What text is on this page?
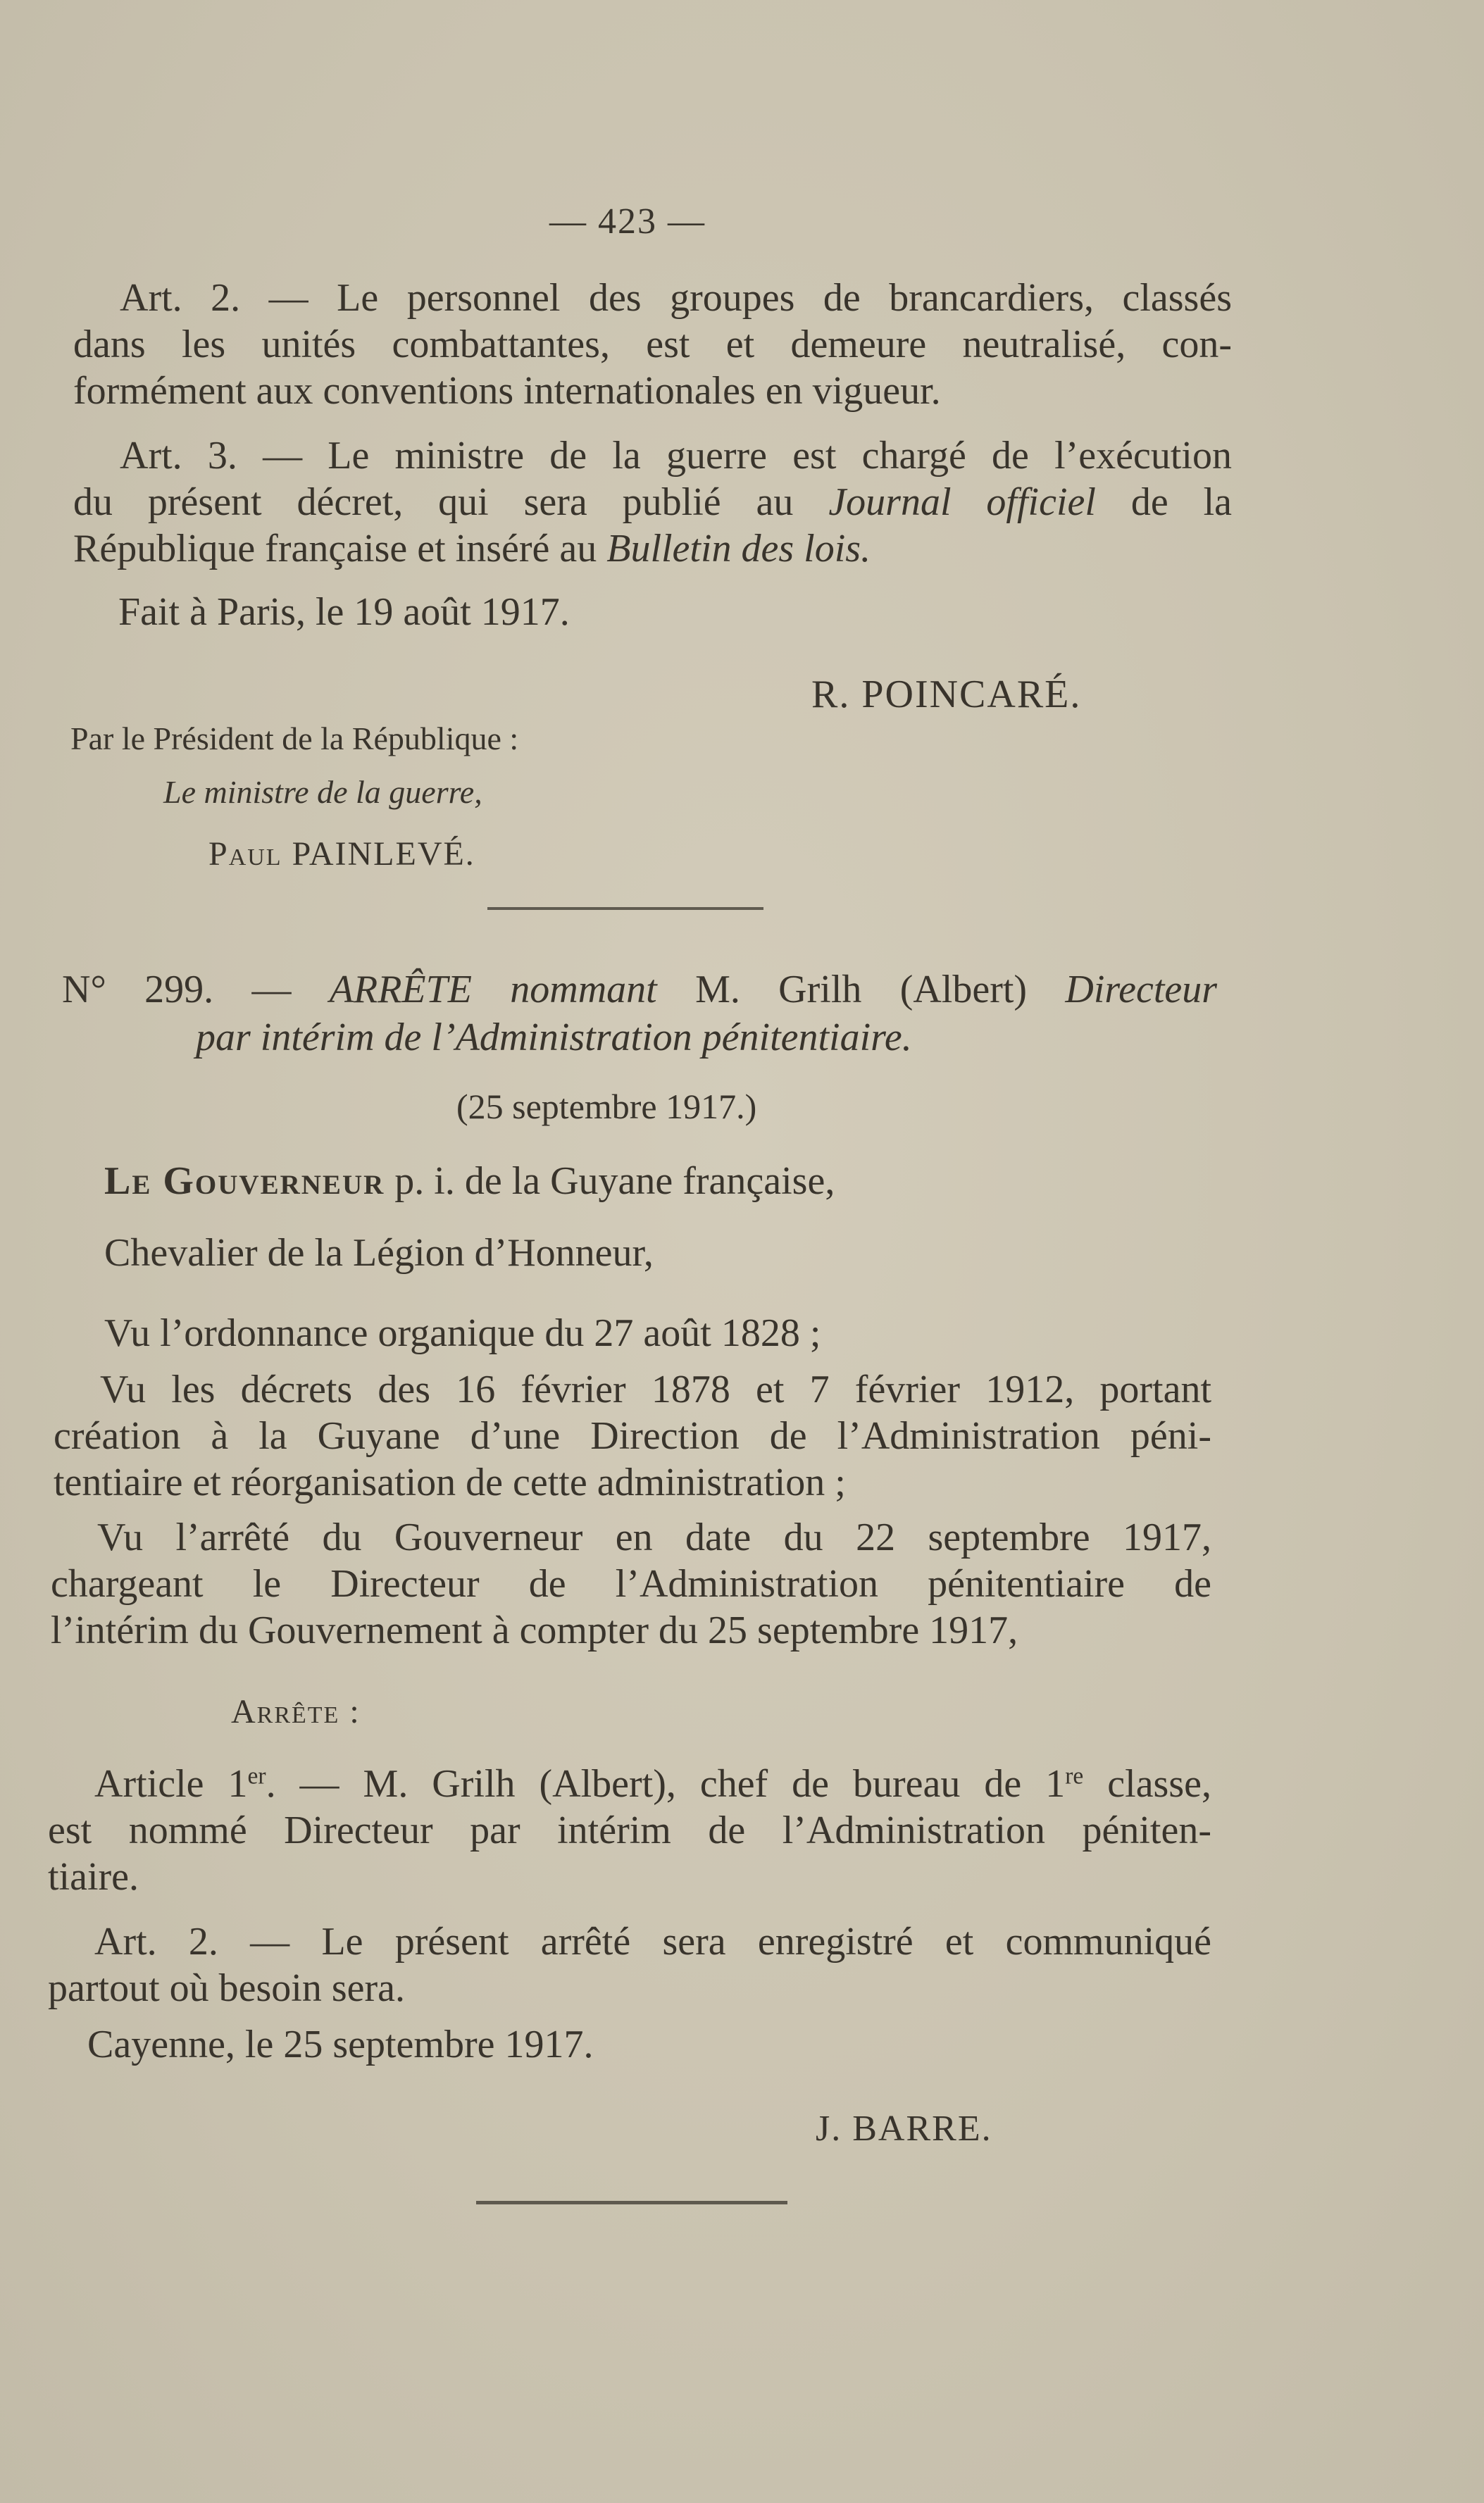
— 423 —
Art. 2. — Le personnel des groupes de brancardiers, classés
dans les unités combattantes, est et demeure neutralisé, con-
formément aux conventions internationales en vigueur.
Art. 3. — Le ministre de la guerre est chargé de l’exécution
du présent décret, qui sera publié au Journal officiel de la
République française et inséré au Bulletin des lois.
Fait à Paris, le 19 août 1917.
R. POINCARÉ.
Par le Président de la République :
Le ministre de la guerre,
Paul PAINLEVÉ.
N° 299. — ARRÊTE nommant M. Grilh (Albert) Directeur
par intérim de l’Administration pénitentiaire.
(25 septembre 1917.)
Le Gouverneur p. i. de la Guyane française,
Chevalier de la Légion d’Honneur,
Vu l’ordonnance organique du 27 août 1828 ;
Vu les décrets des 16 février 1878 et 7 février 1912, portant
création à la Guyane d’une Direction de l’Administration péni-
tentiaire et réorganisation de cette administration ;
Vu l’arrêté du Gouverneur en date du 22 septembre 1917,
chargeant le Directeur de l’Administration pénitentiaire de
l’intérim du Gouvernement à compter du 25 septembre 1917,
Arrête :
Article 1er. — M. Grilh (Albert), chef de bureau de 1re classe,
est nommé Directeur par intérim de l’Administration péniten-
tiaire.
Art. 2. — Le présent arrêté sera enregistré et communiqué
partout où besoin sera.
Cayenne, le 25 septembre 1917.
J. BARRE.
